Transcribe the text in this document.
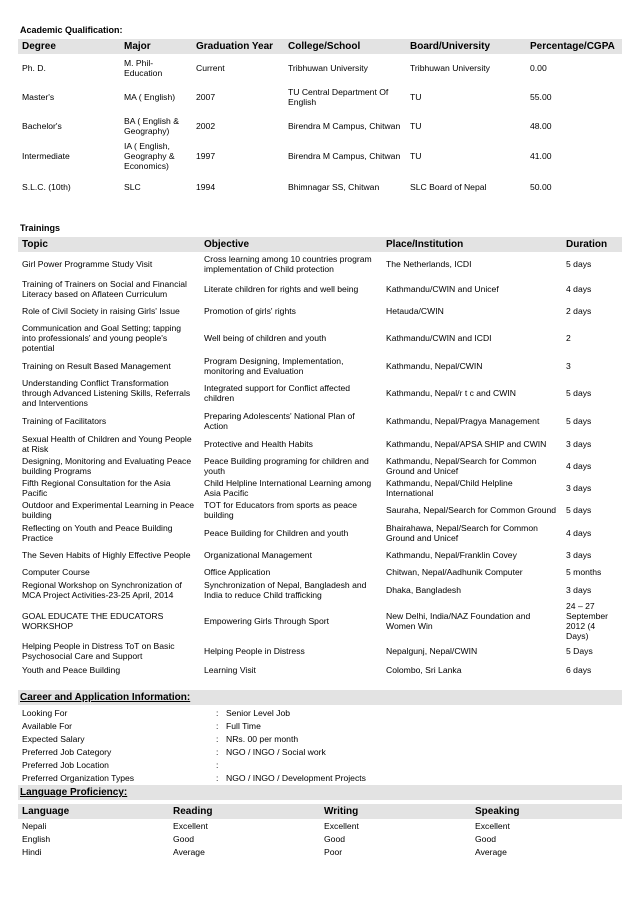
Academic Qualification:
Degree	Major	Graduation Year	College/School	Board/University	Percentage/CGPA
Ph. D.	M. Phil-Education	Current	Tribhuwan University	Tribhuwan University	0.00
Master's	MA ( English)	2007	TU Central Department Of English	TU	55.00
Bachelor's	BA ( English & Geography)	2002	Birendra M Campus, Chitwan	TU	48.00
Intermediate	IA ( English, Geography & Economics)	1997	Birendra M Campus, Chitwan	TU	41.00
S.L.C. (10th)	SLC	1994	Bhimnagar SS, Chitwan	SLC Board of Nepal	50.00
Trainings
Topic	Objective	Place/Institution	Duration
Girl Power Programme Study Visit	Cross learning among 10 countries program implementation of Child protection	The Netherlands, ICDI	5 days
Training of Trainers on Social and Financial Literacy based on Aflateen Curriculum	Literate children for rights and well being	Kathmandu/CWIN and Unicef	4 days
Role of Civil Society in raising Girls' Issue	Promotion of girls' rights	Hetauda/CWIN	2 days
Communication and Goal Setting; tapping into professionals' and young people's potential	Well being of children and youth	Kathmandu/CWIN and ICDI	2
Training on Result Based Management	Program Designing, Implementation, monitoring and Evaluation	Kathmandu, Nepal/CWIN	3
Understanding Conflict Transformation through Advanced Listening Skills, Referrals and Interventions	Integrated support for Conflict affected children	Kathmandu, Nepal/r t c and CWIN	5 days
Training of Facilitators	Preparing Adolescents' National Plan of Action	Kathmandu, Nepal/Pragya Management	5 days
Sexual Health of Children and Young People at Risk	Protective and Health Habits	Kathmandu, Nepal/APSA SHIP and CWIN	3 days
Designing, Monitoring and Evaluating Peace building Programs	Peace Building programing for children and youth	Kathmandu, Nepal/Search for Common Ground and Unicef	4 days
Fifth Regional Consultation for the Asia Pacific	Child Helpline International Learning among Asia Pacific	Kathmandu, Nepal/Child Helpline International	3 days
Outdoor and Experimental Learning in Peace building	TOT for Educators from sports as peace building	Sauraha, Nepal/Search for Common Ground	5 days
Reflecting on Youth and Peace Building Practice	Peace Building for Children and youth	Bhairahawa, Nepal/Search for Common Ground and Unicef	4 days
The Seven Habits of Highly Effective People	Organizational Management	Kathmandu, Nepal/Franklin Covey	3 days
Computer Course	Office Application	Chitwan, Nepal/Aadhunik Computer	5 months
Regional Workshop on Synchronization of MCA Project Activities-23-25 April, 2014	Synchronization of Nepal, Bangladesh and India to reduce Child trafficking	Dhaka, Bangladesh	3 days
GOAL EDUCATE THE EDUCATORS WORKSHOP	Empowering Girls Through Sport	New Delhi, India/NAZ Foundation and Women Win	24 – 27 September 2012 (4 Days)
Helping People in Distress ToT on Basic Psychosocial Care and Support	Helping People in Distress	Nepalgunj, Nepal/CWIN	5 Days
Youth and Peace Building	Learning Visit	Colombo, Sri Lanka	6 days
Career and Application Information:
Looking For	:	Senior Level Job
Available For	:	Full Time
Expected Salary	:	NRs. 00 per month
Preferred Job Category	:	NGO / INGO / Social work
Preferred Job Location	:	
Preferred Organization Types	:	NGO / INGO / Development Projects
Language Proficiency:
Language	Reading	Writing	Speaking
Nepali	Excellent	Excellent	Excellent
English	Good	Good	Good
Hindi	Average	Poor	Average
